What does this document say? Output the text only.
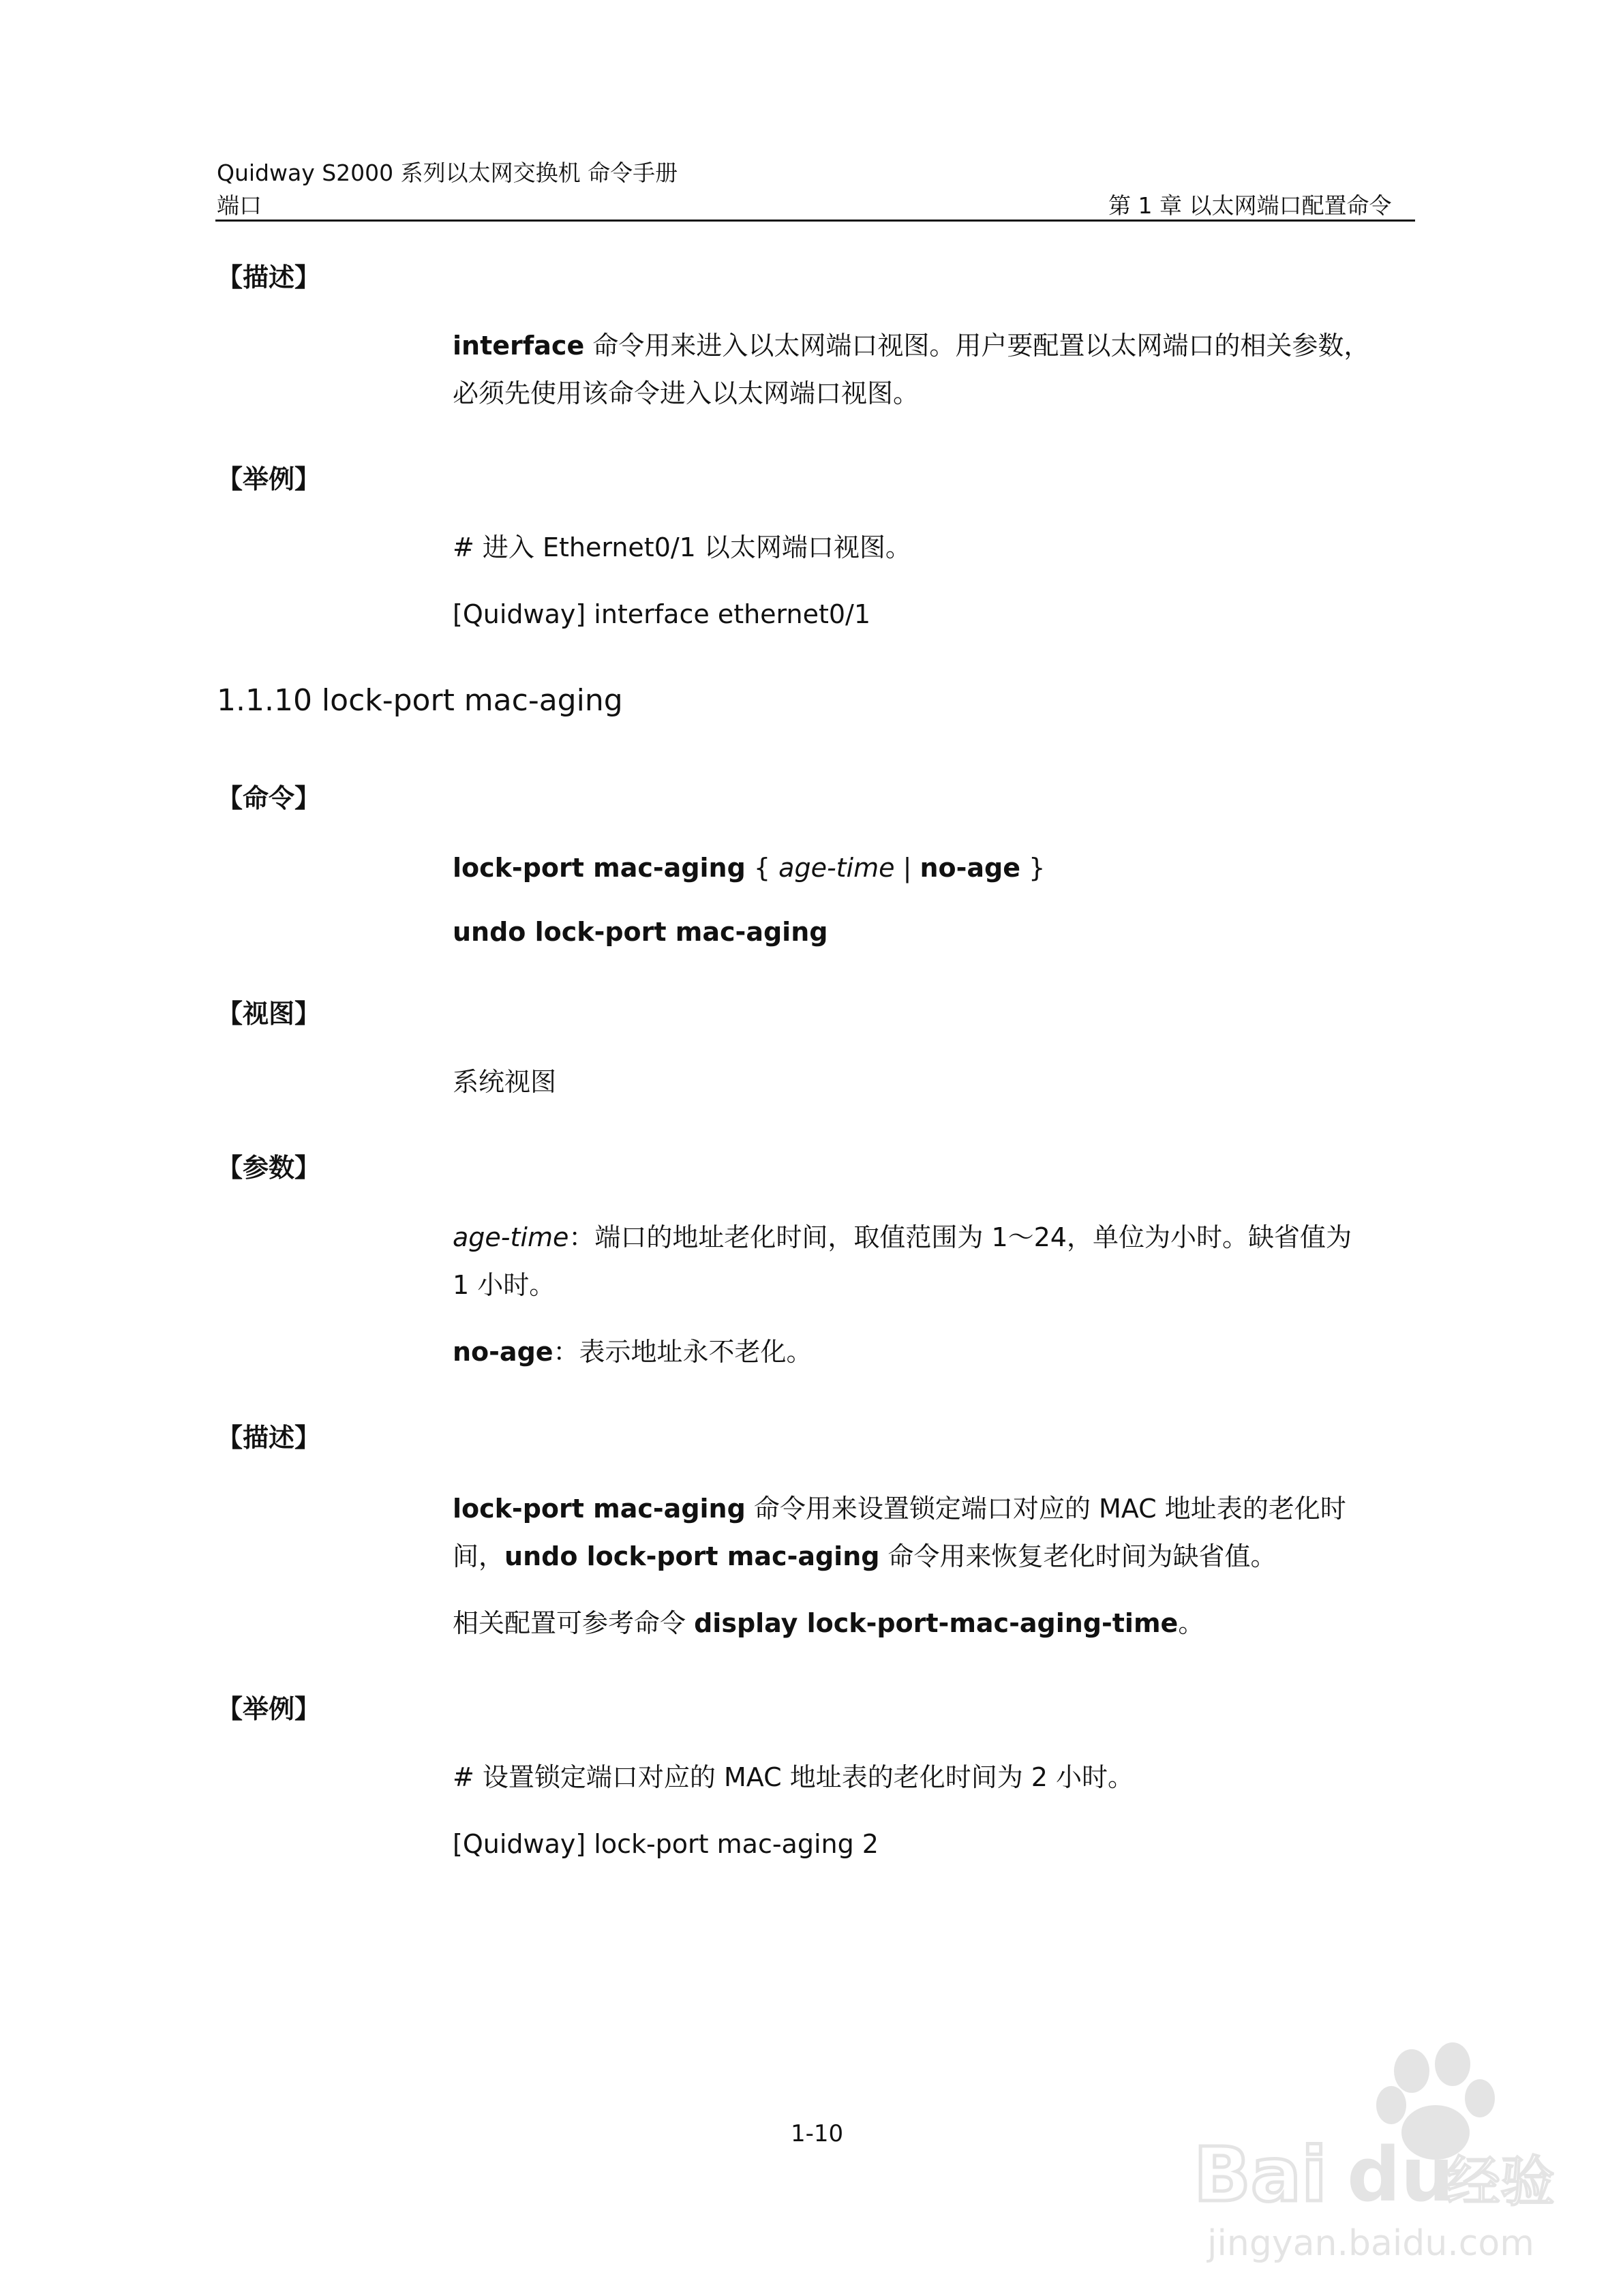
Quidway S2000 系列以太网交换机 命令手册
端口	第 1 章 以太网端口配置命令
【描述】
interface 命令用来进入以太网端口视图。用户要配置以太网端口的相关参数，
必须先使用该命令进入以太网端口视图。
【举例】
# 进入 Ethernet0/1 以太网端口视图。
[Quidway] interface ethernet0/1
1.1.10 lock-port mac-aging
【命令】
lock-port mac-aging { age-time | no-age }
undo lock-port mac-aging
【视图】
系统视图
【参数】
age-time：端口的地址老化时间，取值范围为 1～24，单位为小时。缺省值为
1 小时。
no-age：表示地址永不老化。
【描述】
lock-port mac-aging 命令用来设置锁定端口对应的 MAC 地址表的老化时
间，undo lock-port mac-aging 命令用来恢复老化时间为缺省值。
相关配置可参考命令 display lock-port-mac-aging-time。
【举例】
# 设置锁定端口对应的 MAC 地址表的老化时间为 2 小时。
[Quidway] lock-port mac-aging 2
1-10	Bai du
经验
jingyan.baidu.com
